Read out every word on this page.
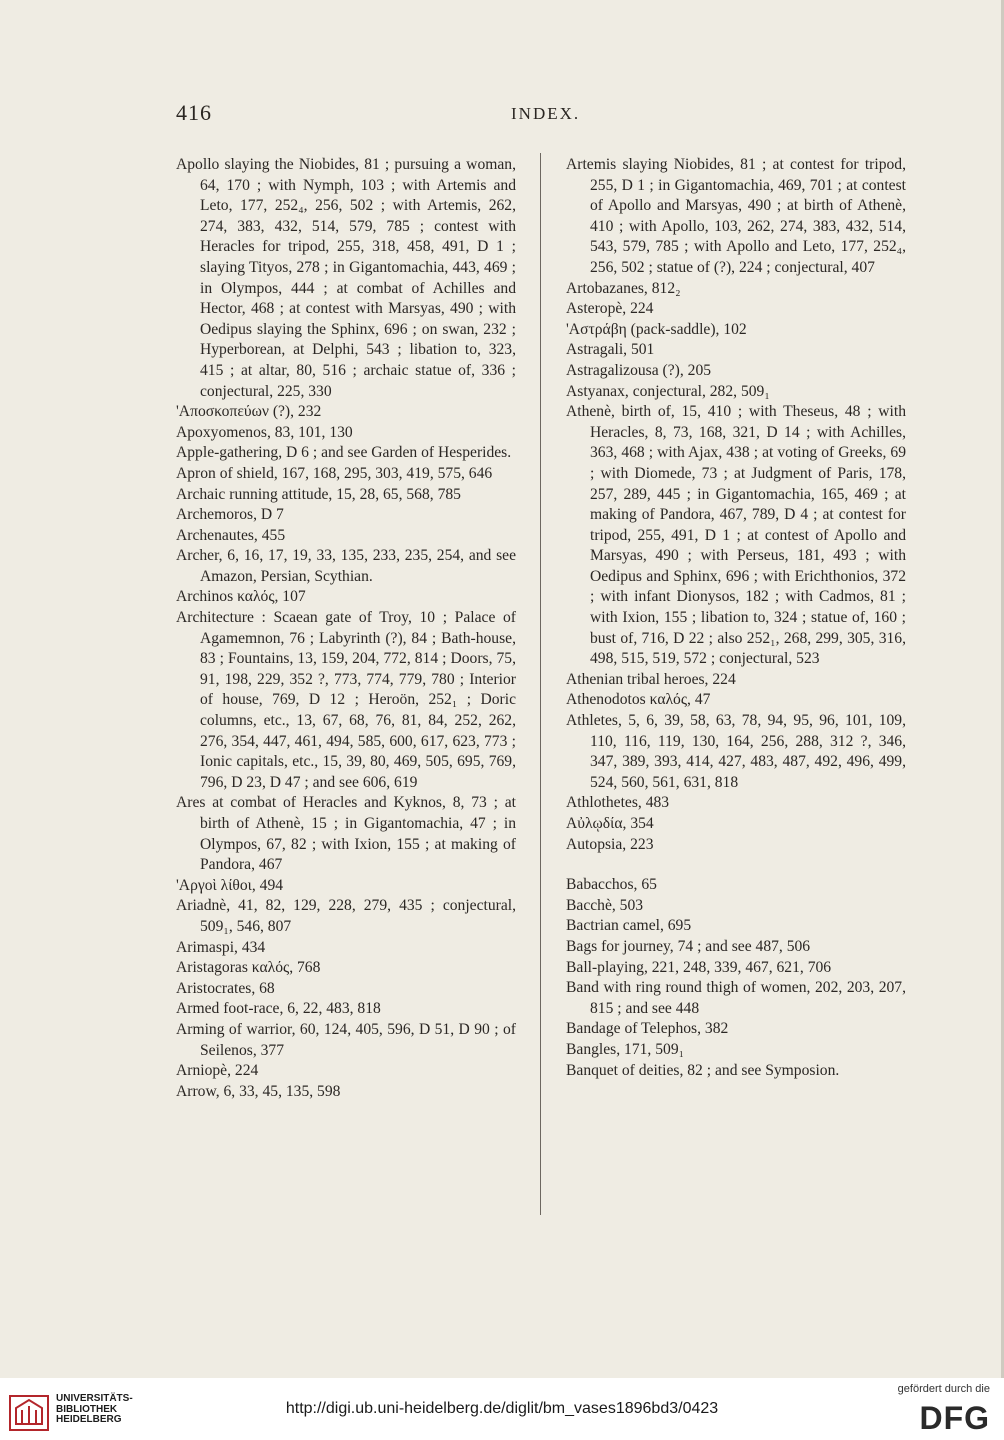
416	INDEX.

Apollo slaying the Niobides, 81 ; pursuing a woman, 64, 170 ; with Nymph, 103 ; with Artemis and Leto, 177, 252₄, 256, 502 ; with Artemis, 262, 274, 383, 432, 514, 579, 785 ; contest with Heracles for tripod, 255, 318, 458, 491, D 1 ; slaying Tityos, 278 ; in Gigantomachia, 443, 469 ; in Olympos, 444 ; at combat of Achilles and Hector, 468 ; at contest with Marsyas, 490 ; with Oedipus slaying the Sphinx, 696 ; on swan, 232 ; Hyperborean, at Delphi, 543 ; libation to, 323, 415 ; at altar, 80, 516 ; archaic statue of, 336 ; conjectural, 225, 330

'Αποσκοπεύων (?), 232

Apoxyomenos, 83, 101, 130

Apple-gathering, D 6 ; and see Garden of Hesperides.

Apron of shield, 167, 168, 295, 303, 419, 575, 646

Archaic running attitude, 15, 28, 65, 568, 785

Archemoros, D 7

Archenautes, 455

Archer, 6, 16, 17, 19, 33, 135, 233, 235, 254, and see Amazon, Persian, Scythian.

Archinos καλός, 107

Architecture : Scaean gate of Troy, 10 ; Palace of Agamemnon, 76 ; Labyrinth (?), 84 ; Bath-house, 83 ; Fountains, 13, 159, 204, 772, 814 ; Doors, 75, 91, 198, 229, 352 ?, 773, 774, 779, 780 ; Interior of house, 769, D 12 ; Heroön, 252₁ ; Doric columns, etc., 13, 67, 68, 76, 81, 84, 252, 262, 276, 354, 447, 461, 494, 585, 600, 617, 623, 773 ; Ionic capitals, etc., 15, 39, 80, 469, 505, 695, 769, 796, D 23, D 47 ; and see 606, 619

Ares at combat of Heracles and Kyknos, 8, 73 ; at birth of Athenè, 15 ; in Gigantomachia, 47 ; in Olympos, 67, 82 ; with Ixion, 155 ; at making of Pandora, 467

'Αργοὶ λίθοι, 494

Ariadnè, 41, 82, 129, 228, 279, 435 ; conjectural, 509₁, 546, 807

Arimaspi, 434

Aristagoras καλός, 768

Aristocrates, 68

Armed foot-race, 6, 22, 483, 818

Arming of warrior, 60, 124, 405, 596, D 51, D 90 ; of Seilenos, 377

Arniopè, 224

Arrow, 6, 33, 45, 135, 598

Artemis slaying Niobides, 81 ; at contest for tripod, 255, D 1 ; in Gigantomachia, 469, 701 ; at contest of Apollo and Marsyas, 490 ; at birth of Athenè, 410 ; with Apollo, 103, 262, 274, 383, 432, 514, 543, 579, 785 ; with Apollo and Leto, 177, 252₄, 256, 502 ; statue of (?), 224 ; conjectural, 407

Artobazanes, 812₂

Asteropè, 224

'Αστράβη (pack-saddle), 102

Astragali, 501

Astragalizousa (?), 205

Astyanax, conjectural, 282, 509₁

Athenè, birth of, 15, 410 ; with Theseus, 48 ; with Heracles, 8, 73, 168, 321, D 14 ; with Achilles, 363, 468 ; with Ajax, 438 ; at voting of Greeks, 69 ; with Diomede, 73 ; at Judgment of Paris, 178, 257, 289, 445 ; in Gigantomachia, 165, 469 ; at making of Pandora, 467, 789, D 4 ; at contest for tripod, 255, 491, D 1 ; at contest of Apollo and Marsyas, 490 ; with Perseus, 181, 493 ; with Oedipus and Sphinx, 696 ; with Erichthonios, 372 ; with infant Dionysos, 182 ; with Cadmos, 81 ; with Ixion, 155 ; libation to, 324 ; statue of, 160 ; bust of, 716, D 22 ; also 252₁, 268, 299, 305, 316, 498, 515, 519, 572 ; conjectural, 523

Athenian tribal heroes, 224

Athenodotos καλός, 47

Athletes, 5, 6, 39, 58, 63, 78, 94, 95, 96, 101, 109, 110, 116, 119, 130, 164, 256, 288, 312 ?, 346, 347, 389, 393, 414, 427, 483, 487, 492, 496, 499, 524, 560, 561, 631, 818

Athlothetes, 483

Αὐλῳδία, 354

Autopsia, 223

Babacchos, 65

Bacchè, 503

Bactrian camel, 695

Bags for journey, 74 ; and see 487, 506

Ball-playing, 221, 248, 339, 467, 621, 706

Band with ring round thigh of women, 202, 203, 207, 815 ; and see 448

Bandage of Telephos, 382

Bangles, 171, 509₁

Banquet of deities, 82 ; and see Symposion.

UNIVERSITÄTS-
BIBLIOTHEK
HEIDELBERG
http://digi.ub.uni-heidelberg.de/diglit/bm_vases1896bd3/0423
gefördert durch die
DFG
